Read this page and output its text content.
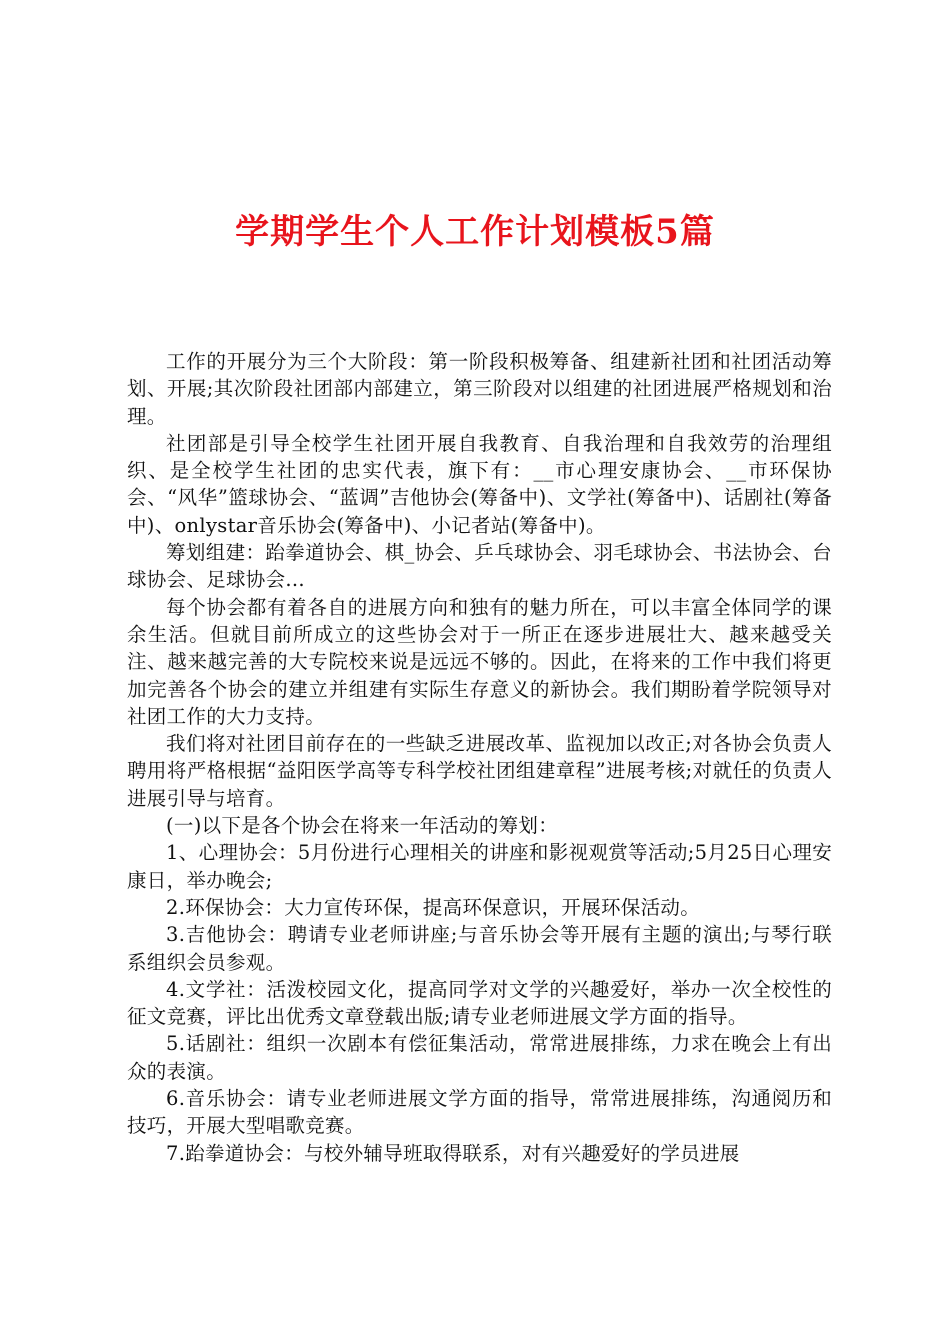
学期学生个人工作计划模板5篇

工作的开展分为三个大阶段：第一阶段积极筹备、组建新社团和社团活动筹划、开展;其次阶段社团部内部建立，第三阶段对以组建的社团进展严格规划和治理。

社团部是引导全校学生社团开展自我教育、自我治理和自我效劳的治理组织、是全校学生社团的忠实代表，旗下有：__市心理安康协会、__市环保协会、“风华”篮球协会、“蓝调”吉他协会(筹备中)、文学社(筹备中)、话剧社(筹备中)、onlystar音乐协会(筹备中)、小记者站(筹备中)。

筹划组建：跆拳道协会、棋_协会、乒乓球协会、羽毛球协会、书法协会、台球协会、足球协会...

每个协会都有着各自的进展方向和独有的魅力所在，可以丰富全体同学的课余生活。但就目前所成立的这些协会对于一所正在逐步进展壮大、越来越受关注、越来越完善的大专院校来说是远远不够的。因此，在将来的工作中我们将更加完善各个协会的建立并组建有实际生存意义的新协会。我们期盼着学院领导对社团工作的大力支持。

我们将对社团目前存在的一些缺乏进展改革、监视加以改正;对各协会负责人聘用将严格根据“益阳医学高等专科学校社团组建章程”进展考核;对就任的负责人进展引导与培育。

(一)以下是各个协会在将来一年活动的筹划：

1、心理协会：5月份进行心理相关的讲座和影视观赏等活动;5月25日心理安康日，举办晚会;

2.环保协会：大力宣传环保，提高环保意识，开展环保活动。

3.吉他协会：聘请专业老师讲座;与音乐协会等开展有主题的演出;与琴行联系组织会员参观。

4.文学社：活泼校园文化，提高同学对文学的兴趣爱好，举办一次全校性的征文竞赛，评比出优秀文章登载出版;请专业老师进展文学方面的指导。

5.话剧社：组织一次剧本有偿征集活动，常常进展排练，力求在晚会上有出众的表演。

6.音乐协会：请专业老师进展文学方面的指导，常常进展排练，沟通阅历和技巧，开展大型唱歌竞赛。

7.跆拳道协会：与校外辅导班取得联系，对有兴趣爱好的学员进展
